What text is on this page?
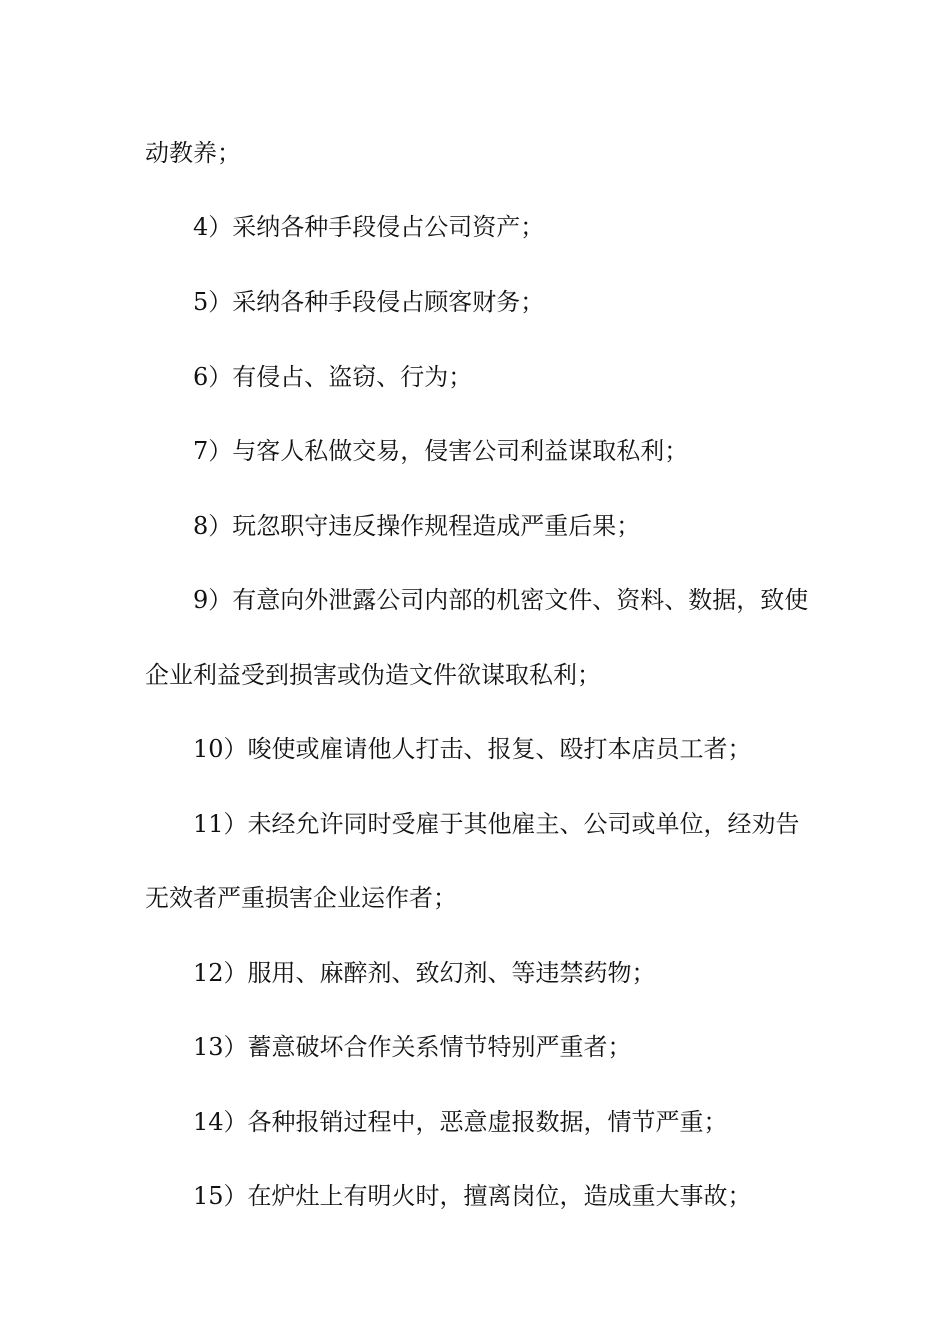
动教养；
4）采纳各种手段侵占公司资产；
5）采纳各种手段侵占顾客财务；
6）有侵占、盗窃、行为；
7）与客人私做交易，侵害公司利益谋取私利；
8）玩忽职守违反操作规程造成严重后果；
9）有意向外泄露公司内部的机密文件、资料、数据，致使
企业利益受到损害或伪造文件欲谋取私利；
10）唆使或雇请他人打击、报复、殴打本店员工者；
11）未经允许同时受雇于其他雇主、公司或单位，经劝告
无效者严重损害企业运作者；
12）服用、麻醉剂、致幻剂、等违禁药物；
13）蓄意破坏合作关系情节特别严重者；
14）各种报销过程中，恶意虚报数据，情节严重；
15）在炉灶上有明火时，擅离岗位，造成重大事故；
